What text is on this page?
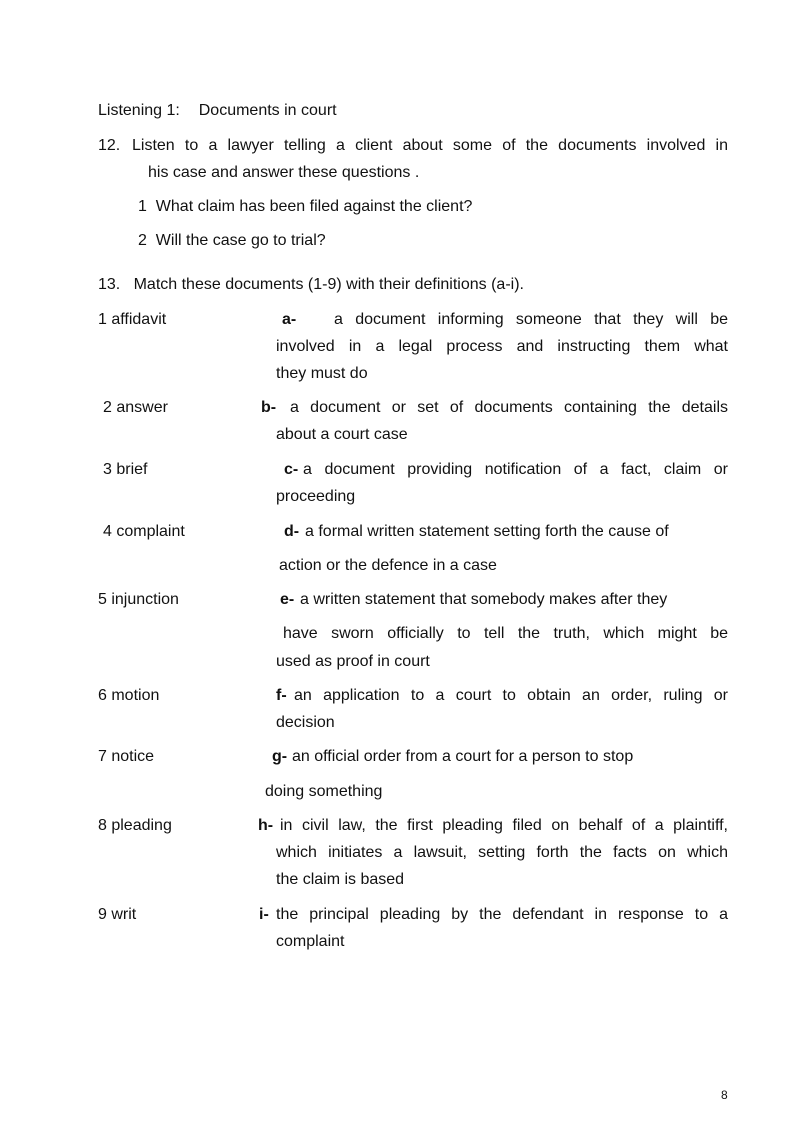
Listening 1: Documents in court
12. Listen to a lawyer telling a client about some of the documents involved in
his case and answer these questions .
1 What claim has been filed against the client?
2 Will the case go to trial?
13. Match these documents (1-9) with their definitions (a-i).
1 affidavit
2 answer
3 brief
4 complaint
5 injunction
6 motion
7 notice
8 pleading
9 writ
a- a document informing someone that they will be
involved in a legal process and instructing them what
they must do
b- a document or set of documents containing the details
about a court case
c- a document providing notification of a fact, claim or
proceeding
d- a formal written statement setting forth the cause of
action or the defence in a case
e- a written statement that somebody makes after they
have sworn officially to tell the truth, which might be
used as proof in court
f- an application to a court to obtain an order, ruling or
decision
g- an official order from a court for a person to stop
doing something
h- in civil law, the first pleading filed on behalf of a plaintiff,
which initiates a lawsuit, setting forth the facts on which
the claim is based
i- the principal pleading by the defendant in response to a
complaint
8
